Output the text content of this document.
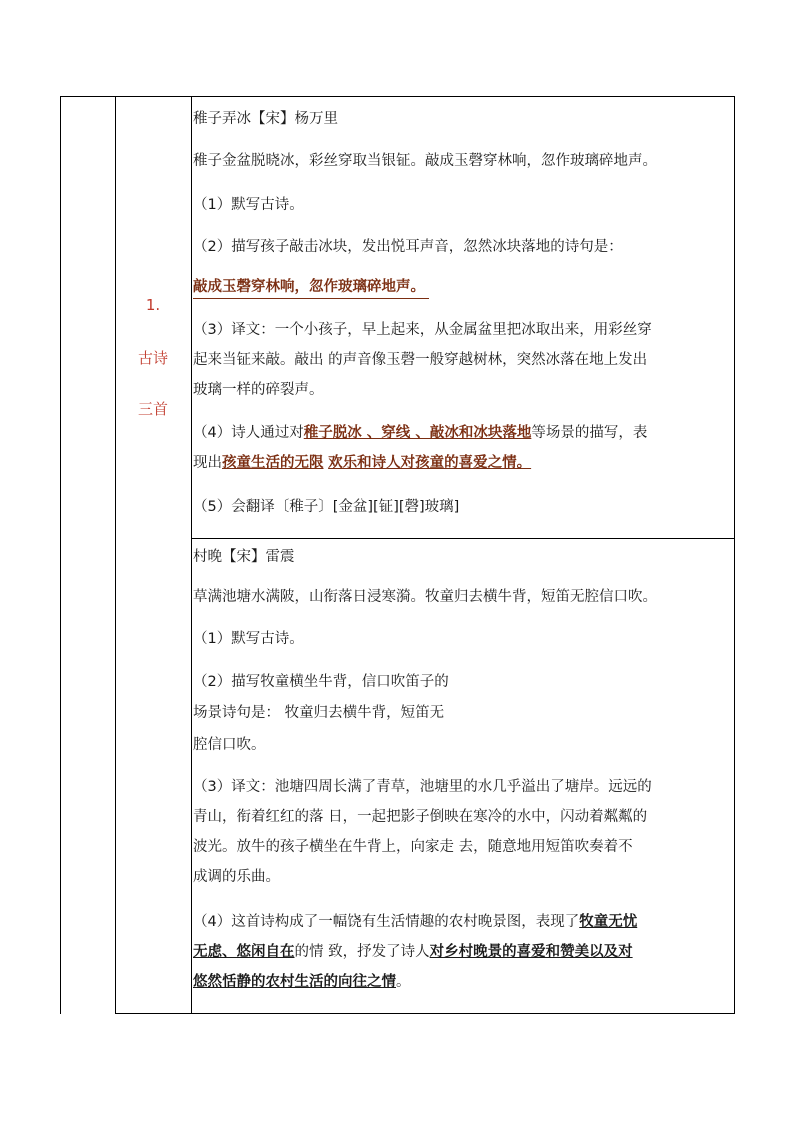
1.
古诗
三首
稚子弄冰【宋】杨万里
稚子金盆脱晓冰，彩丝穿取当银钲。敲成玉磬穿林响，忽作玻璃碎地声。
（1）默写古诗。
（2）描写孩子敲击冰块，发出悦耳声音，忽然冰块落地的诗句是：
敲成玉磬穿林响，忽作玻璃碎地声。
（3）译文：一个小孩子，早上起来，从金属盆里把冰取出来，用彩丝穿
起来当钲来敲。敲出 的声音像玉磬一般穿越树林，突然冰落在地上发出
玻璃一样的碎裂声。
（4）诗人通过对稚子脱冰 、穿线 、敲冰和冰块落地等场景的描写，表
现出孩童生活的无限 欢乐和诗人对孩童的喜爱之情。
（5）会翻译〔稚子〕[金盆][钲][磬]玻璃]
村晚【宋】雷震
草满池塘水满陂，山衔落日浸寒漪。牧童归去横牛背，短笛无腔信口吹。
（1）默写古诗。
（2）描写牧童横坐牛背，信口吹笛子的
场景诗句是： 牧童归去横牛背，短笛无
腔信口吹。
（3）译文：池塘四周长满了青草，池塘里的水几乎溢出了塘岸。远远的
青山，衔着红红的落 日，一起把影子倒映在寒冷的水中，闪动着粼粼的
波光。放牛的孩子横坐在牛背上，向家走 去，随意地用短笛吹奏着不
成调的乐曲。
（4）这首诗构成了一幅饶有生活情趣的农村晚景图，表现了牧童无忧
无虑、悠闲自在的情 致，抒发了诗人对乡村晚景的喜爱和赞美以及对
悠然恬静的农村生活的向往之情。
